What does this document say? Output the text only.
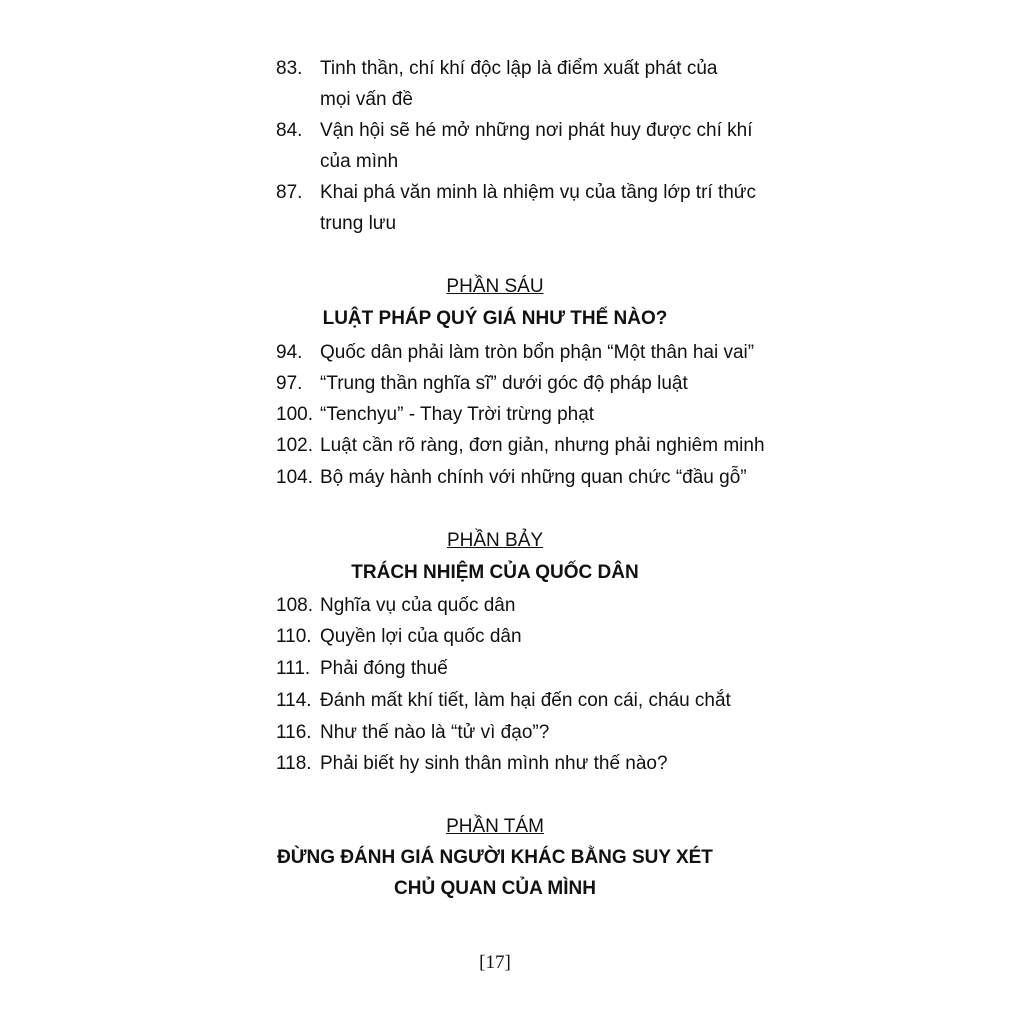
83. Tinh thần, chí khí độc lập là điểm xuất phát của
mọi vấn đề
84. Vận hội sẽ hé mở những nơi phát huy được chí khí
của mình
87. Khai phá văn minh là nhiệm vụ của tầng lớp trí thức
trung lưu
PHẦN SÁU
LUẬT PHÁP QUÝ GIÁ NHƯ THẾ NÀO?
94. Quốc dân phải làm tròn bổn phận “Một thân hai vai”
97. “Trung thần nghĩa sĩ” dưới góc độ pháp luật
100. “Tenchyu” - Thay Trời trừng phạt
102. Luật cần rõ ràng, đơn giản, nhưng phải nghiêm minh
104. Bộ máy hành chính với những quan chức “đầu gỗ”
PHẦN BẢY
TRÁCH NHIỆM CỦA QUỐC DÂN
108. Nghĩa vụ của quốc dân
110. Quyền lợi của quốc dân
111. Phải đóng thuế
114. Đánh mất khí tiết, làm hại đến con cái, cháu chắt
116. Như thế nào là “tử vì đạo”?
118. Phải biết hy sinh thân mình như thế nào?
PHẦN TÁM
ĐỪNG ĐÁNH GIÁ NGƯỜI KHÁC BẰNG SUY XÉT
CHỦ QUAN CỦA MÌNH
[17]
